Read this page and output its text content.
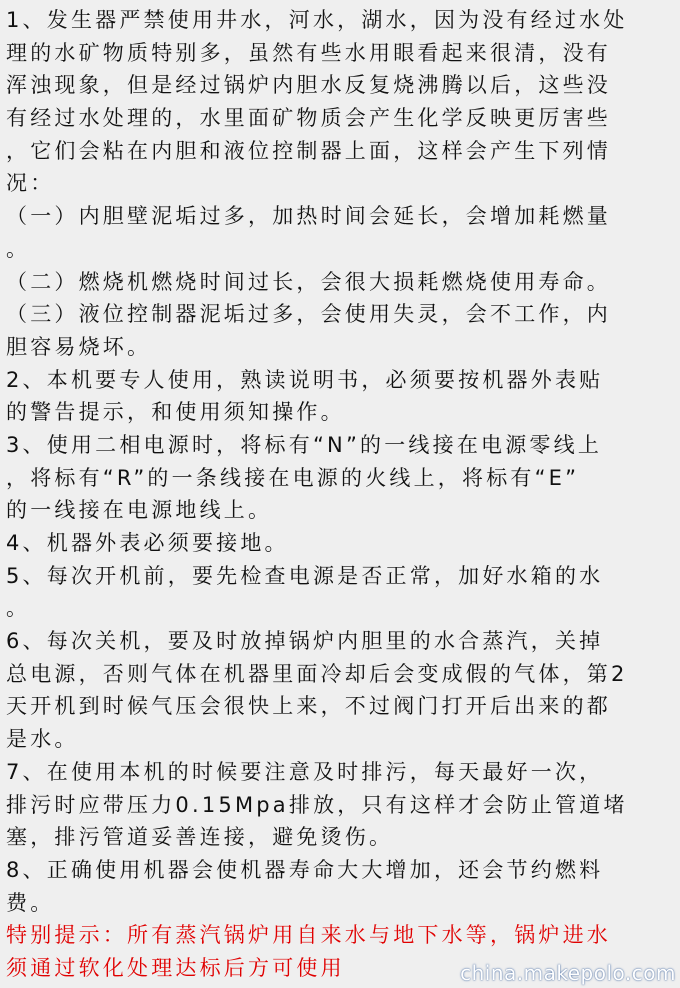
1、发生器严禁使用井水，河水，湖水，因为没有经过水处
理的水矿物质特别多，虽然有些水用眼看起来很清，没有
浑浊现象，但是经过锅炉内胆水反复烧沸腾以后，这些没
有经过水处理的，水里面矿物质会产生化学反映更厉害些
，它们会粘在内胆和液位控制器上面，这样会产生下列情
况：
（一）内胆壁泥垢过多，加热时间会延长，会增加耗燃量
。
（二）燃烧机燃烧时间过长，会很大损耗燃烧使用寿命。
（三）液位控制器泥垢过多，会使用失灵，会不工作，内
胆容易烧坏。
2、本机要专人使用，熟读说明书，必须要按机器外表贴
的警告提示，和使用须知操作。
3、使用二相电源时，将标有“N”的一线接在电源零线上
，将标有“R”的一条线接在电源的火线上，将标有“E”
的一线接在电源地线上。
4、机器外表必须要接地。
5、每次开机前，要先检查电源是否正常，加好水箱的水
。
6、每次关机，要及时放掉锅炉内胆里的水合蒸汽，关掉
总电源，否则气体在机器里面冷却后会变成假的气体，第2
天开机到时候气压会很快上来，不过阀门打开后出来的都
是水。
7、在使用本机的时候要注意及时排污，每天最好一次，
排污时应带压力0.15Mpa排放，只有这样才会防止管道堵
塞，排污管道妥善连接，避免烫伤。
8、正确使用机器会使机器寿命大大增加，还会节约燃料
费。
特别提示：所有蒸汽锅炉用自来水与地下水等，锅炉进水
须通过软化处理达标后方可使用	china.makepolo.com
